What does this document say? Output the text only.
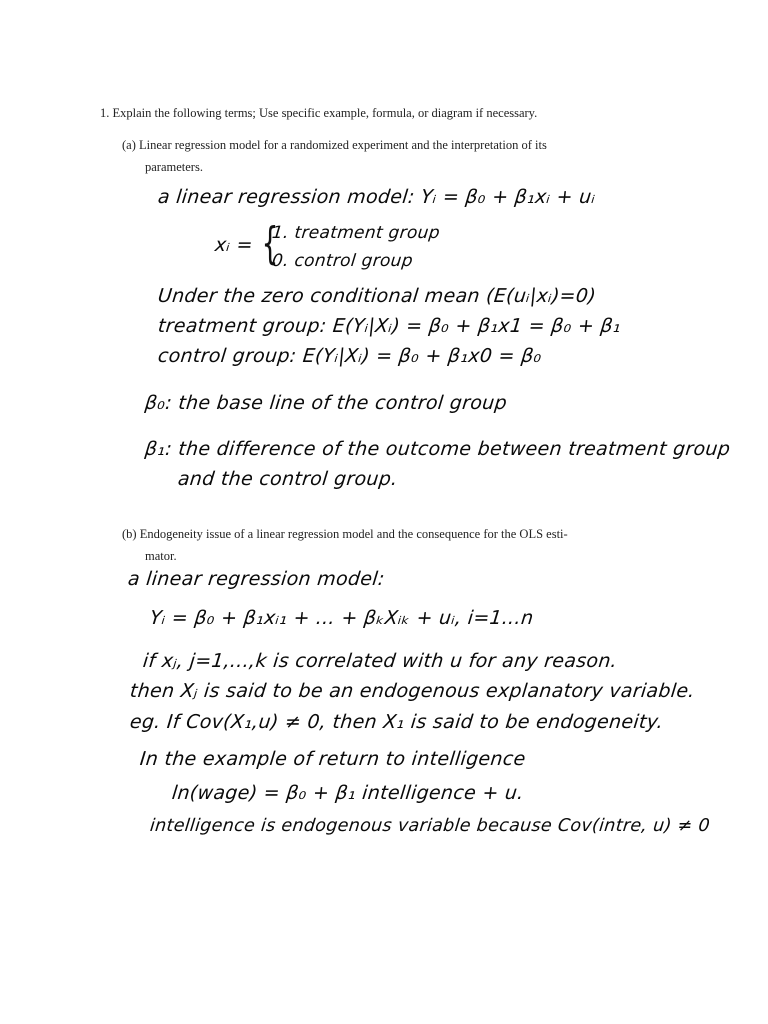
1. Explain the following terms; Use specific example, formula, or diagram if necessary.
(a) Linear regression model for a randomized experiment and the interpretation of its
parameters.
a linear regression model: Yᵢ = β₀ + β₁xᵢ + uᵢ
xᵢ = {
1. treatment group
0. control group
Under the zero conditional mean (E(uᵢ|xᵢ)=0)
treatment group: E(Yᵢ|Xᵢ) = β₀ + β₁x1 = β₀ + β₁
control group: E(Yᵢ|Xᵢ) = β₀ + β₁x0 = β₀
β₀: the base line of the control group
β₁: the difference of the outcome between treatment group
and the control group.
(b) Endogeneity issue of a linear regression model and the consequence for the OLS esti-
mator.
a linear regression model:
Yᵢ = β₀ + β₁xᵢ₁ + ... + βₖXᵢₖ + uᵢ, i=1...n
if xⱼ, j=1,...,k is correlated with u for any reason.
then Xⱼ is said to be an endogenous explanatory variable.
eg. If Cov(X₁,u) ≠ 0, then X₁ is said to be endogeneity.
In the example of return to intelligence
ln(wage) = β₀ + β₁ intelligence + u.
intelligence is endogenous variable because Cov(intre, u) ≠ 0
